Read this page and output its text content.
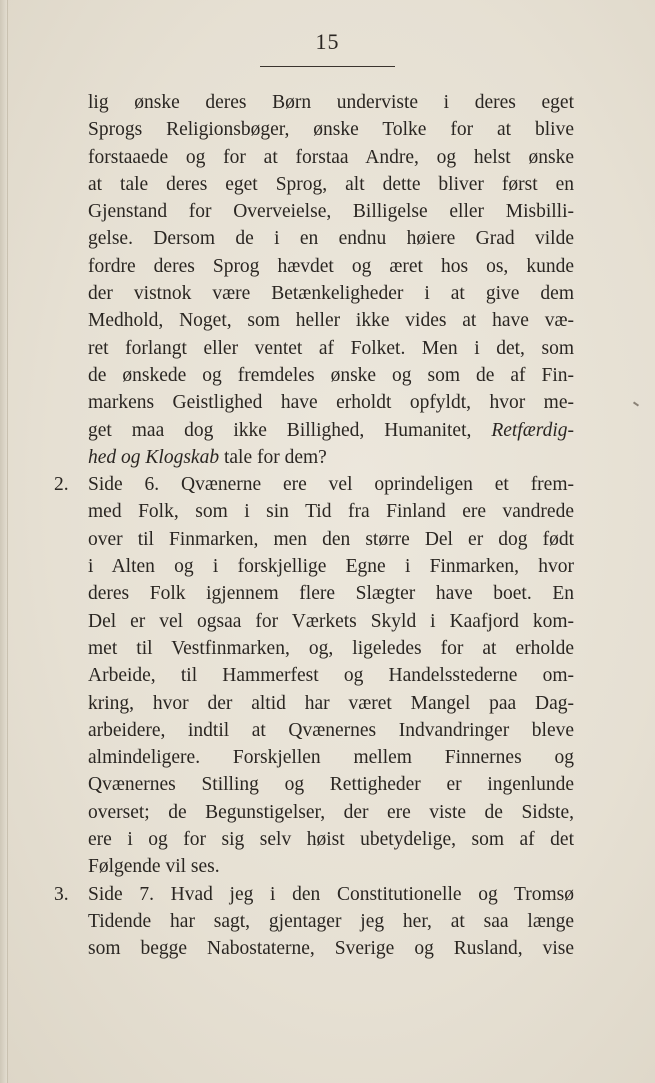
15
lig ønske deres Børn underviste i deres eget
Sprogs Religionsbøger, ønske Tolke for at blive
forstaaede og for at forstaa Andre, og helst ønske
at tale deres eget Sprog, alt dette bliver først en
Gjenstand for Overveielse, Billigelse eller Misbilli-
gelse. Dersom de i en endnu høiere Grad vilde
fordre deres Sprog hævdet og æret hos os, kunde
der vistnok være Betænkeligheder i at give dem
Medhold, Noget, som heller ikke vides at have væ-
ret forlangt eller ventet af Folket. Men i det, som
de ønskede og fremdeles ønske og som de af Fin-
markens Geistlighed have erholdt opfyldt, hvor me-
get maa dog ikke Billighed, Humanitet, Retfærdig-
hed og Klogskab tale for dem?
2. Side 6. Qvænerne ere vel oprindeligen et frem-
med Folk, som i sin Tid fra Finland ere vandrede
over til Finmarken, men den større Del er dog født
i Alten og i forskjellige Egne i Finmarken, hvor
deres Folk igjennem flere Slægter have boet. En
Del er vel ogsaa for Værkets Skyld i Kaafjord kom-
met til Vestfinmarken, og, ligeledes for at erholde
Arbeide, til Hammerfest og Handelsstederne om-
kring, hvor der altid har været Mangel paa Dag-
arbeidere, indtil at Qvænernes Indvandringer bleve
almindeligere. Forskjellen mellem Finnernes og
Qvænernes Stilling og Rettigheder er ingenlunde
overset; de Begunstigelser, der ere viste de Sidste,
ere i og for sig selv høist ubetydelige, som af det
Følgende vil ses.
3. Side 7. Hvad jeg i den Constitutionelle og Tromsø
Tidende har sagt, gjentager jeg her, at saa længe
som begge Nabostaterne, Sverige og Rusland, vise
